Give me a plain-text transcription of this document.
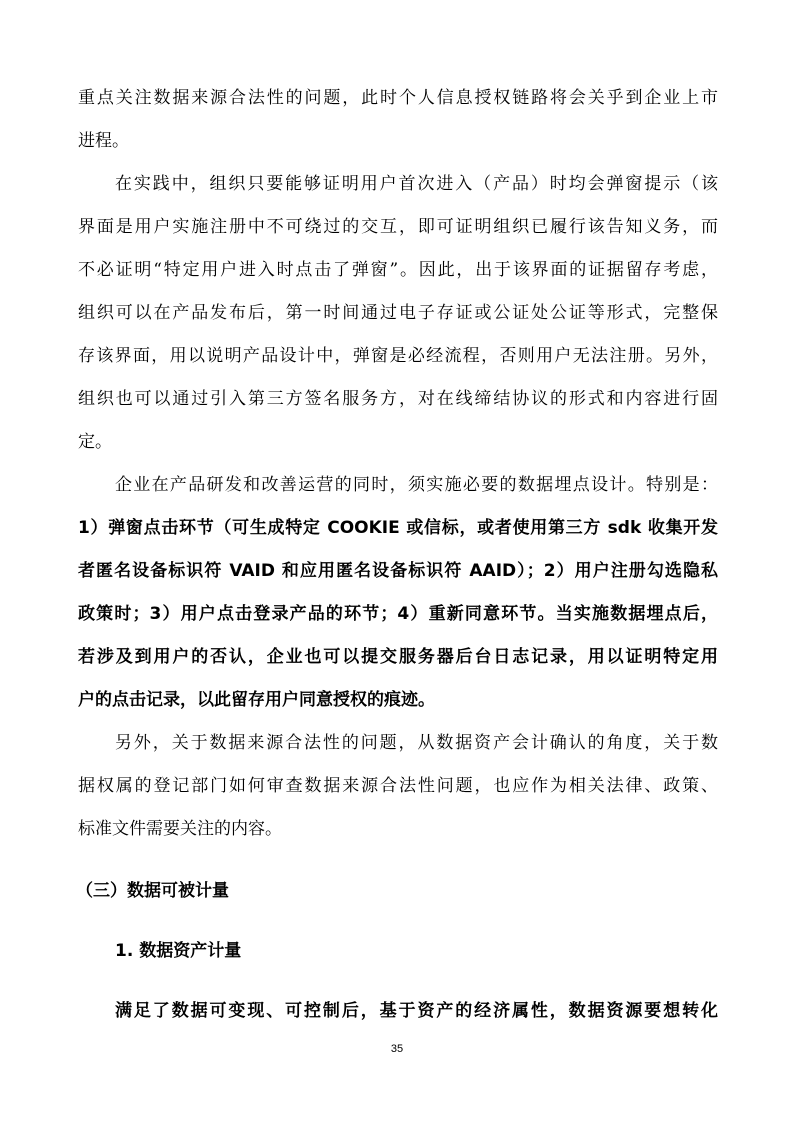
重点关注数据来源合法性的问题，此时个人信息授权链路将会关乎到企业上市
进程。
在实践中，组织只要能够证明用户首次进入（产品）时均会弹窗提示（该
界面是用户实施注册中不可绕过的交互，即可证明组织已履行该告知义务，而
不必证明“特定用户进入时点击了弹窗”。因此，出于该界面的证据留存考虑，
组织可以在产品发布后，第一时间通过电子存证或公证处公证等形式，完整保
存该界面，用以说明产品设计中，弹窗是必经流程，否则用户无法注册。另外，
组织也可以通过引入第三方签名服务方，对在线缔结协议的形式和内容进行固
定。
企业在产品研发和改善运营的同时，须实施必要的数据埋点设计。特别是：
1）弹窗点击环节（可生成特定 COOKIE 或信标，或者使用第三方 sdk 收集开发
者匿名设备标识符 VAID 和应用匿名设备标识符 AAID）；2）用户注册勾选隐私
政策时；3）用户点击登录产品的环节；4）重新同意环节。当实施数据埋点后，
若涉及到用户的否认，企业也可以提交服务器后台日志记录，用以证明特定用
户的点击记录，以此留存用户同意授权的痕迹。
另外，关于数据来源合法性的问题，从数据资产会计确认的角度，关于数
据权属的登记部门如何审查数据来源合法性问题，也应作为相关法律、政策、
标准文件需要关注的内容。
（三）数据可被计量
1. 数据资产计量
满足了数据可变现、可控制后，基于资产的经济属性，数据资源要想转化
35
